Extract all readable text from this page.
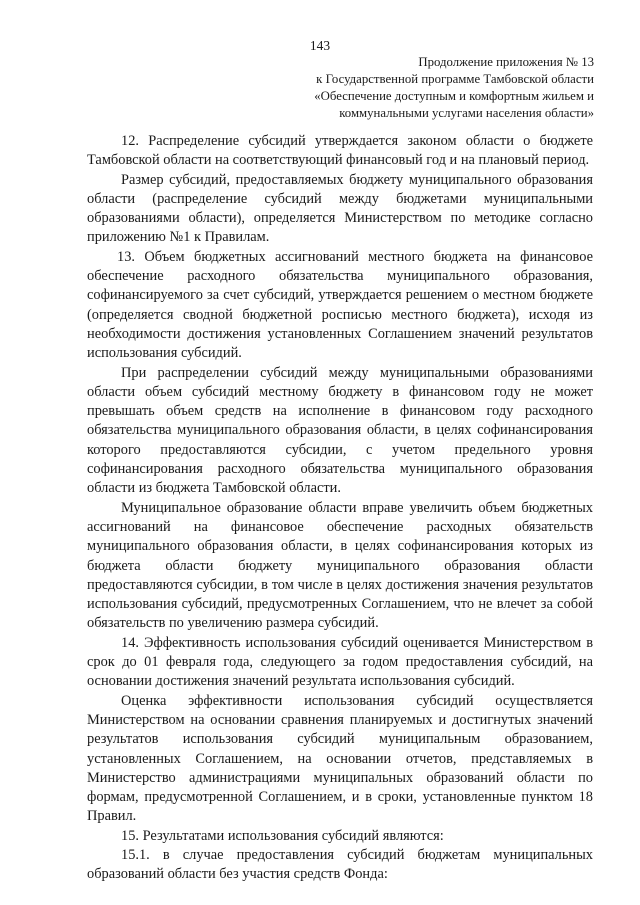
143
Продолжение приложения № 13
к Государственной программе Тамбовской области
«Обеспечение доступным и комфортным жильем и
коммунальными услугами населения области»

12. Распределение субсидий утверждается законом области о бюджете Тамбовской области на соответствующий финансовый год и на плановый период.

Размер субсидий, предоставляемых бюджету муниципального образования области (распределение субсидий между бюджетами муниципальными образованиями области), определяется Министерством по методике согласно приложению №1 к Правилам.

13. Объем бюджетных ассигнований местного бюджета на финансовое обеспечение расходного обязательства муниципального образования, софинансируемого за счет субсидий, утверждается решением о местном бюджете (определяется сводной бюджетной росписью местного бюджета), исходя из необходимости достижения установленных Соглашением значений результатов использования субсидий.

При распределении субсидий между муниципальными образованиями области объем субсидий местному бюджету в финансовом году не может превышать объем средств на исполнение в финансовом году расходного обязательства муниципального образования области, в целях софинансирования которого предоставляются субсидии, с учетом предельного уровня софинансирования расходного обязательства муниципального образования области из бюджета Тамбовской области.

Муниципальное образование области вправе увеличить объем бюджетных ассигнований на финансовое обеспечение расходных обязательств муниципального образования области, в целях софинансирования которых из бюджета области бюджету муниципального образования области предоставляются субсидии, в том числе в целях достижения значения результатов использования субсидий, предусмотренных Соглашением, что не влечет за собой обязательств по увеличению размера субсидий.

14. Эффективность использования субсидий оценивается Министерством в срок до 01 февраля года, следующего за годом предоставления субсидий, на основании достижения значений результата использования субсидий.

Оценка эффективности использования субсидий осуществляется Министерством на основании сравнения планируемых и достигнутых значений результатов использования субсидий муниципальным образованием, установленных Соглашением, на основании отчетов, представляемых в Министерство администрациями муниципальных образований области по формам, предусмотренной Соглашением, и в сроки, установленные пунктом 18 Правил.

15. Результатами использования субсидий являются:

15.1. в случае предоставления субсидий бюджетам муниципальных образований области без участия средств Фонда:
